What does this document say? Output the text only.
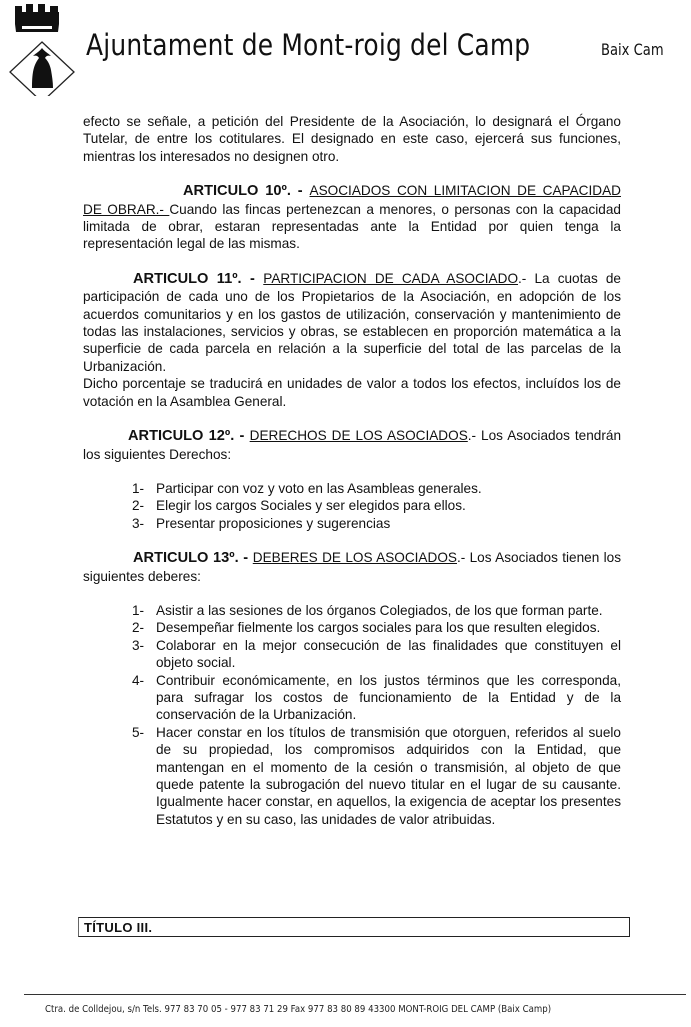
Ajuntament de Mont-roig del Camp	Baix Cam

efecto se señale, a petición del Presidente de la Asociación, lo designará el Órgano Tutelar, de entre los cotitulares. El designado en este caso, ejercerá sus funciones, mientras los interesados no designen otro.

ARTICULO 10º. - ASOCIADOS CON LIMITACION DE CAPACIDAD DE OBRAR.- Cuando las fincas pertenezcan a menores, o personas con la capacidad limitada de obrar, estaran representadas ante la Entidad por quien tenga la representación legal de las mismas.

ARTICULO 11º. - PARTICIPACION DE CADA ASOCIADO.- La cuotas de participación de cada uno de los Propietarios de la Asociación, en adopción de los acuerdos comunitarios y en los gastos de utilización, conservación y mantenimiento de todas las instalaciones, servicios y obras, se establecen en proporción matemática a la superficie de cada parcela en relación a la superficie del total de las parcelas de la Urbanización.

Dicho porcentaje se traducirá en unidades de valor a todos los efectos, incluídos los de votación en la Asamblea General.

ARTICULO 12º. - DERECHOS DE LOS ASOCIADOS.- Los Asociados tendrán los siguientes Derechos:

1- Participar con voz y voto en las Asambleas generales.
2- Elegir los cargos Sociales y ser elegidos para ellos.
3- Presentar proposiciones y sugerencias

ARTICULO 13º. - DEBERES DE LOS ASOCIADOS.- Los Asociados tienen los siguientes deberes:

1- Asistir a las sesiones de los órganos Colegiados, de los que forman parte.
2- Desempeñar fielmente los cargos sociales para los que resulten elegidos.
3- Colaborar en la mejor consecución de las finalidades que constituyen el objeto social.
4- Contribuir económicamente, en los justos términos que les corresponda, para sufragar los costos de funcionamiento de la Entidad y de la conservación de la Urbanización.
5- Hacer constar en los títulos de transmisión que otorguen, referidos al suelo de su propiedad, los compromisos adquiridos con la Entidad, que mantengan en el momento de la cesión o transmisión, al objeto de que quede patente la subrogación del nuevo titular en el lugar de su causante. Igualmente hacer constar, en aquellos, la exigencia de aceptar los presentes Estatutos y en su caso, las unidades de valor atribuidas.
TÍTULO III.
Ctra. de Colldejou, s/n Tels. 977 83 70 05 - 977 83 71 29 Fax 977 83 80 89 43300 MONT-ROIG DEL CAMP (Baix Camp)
